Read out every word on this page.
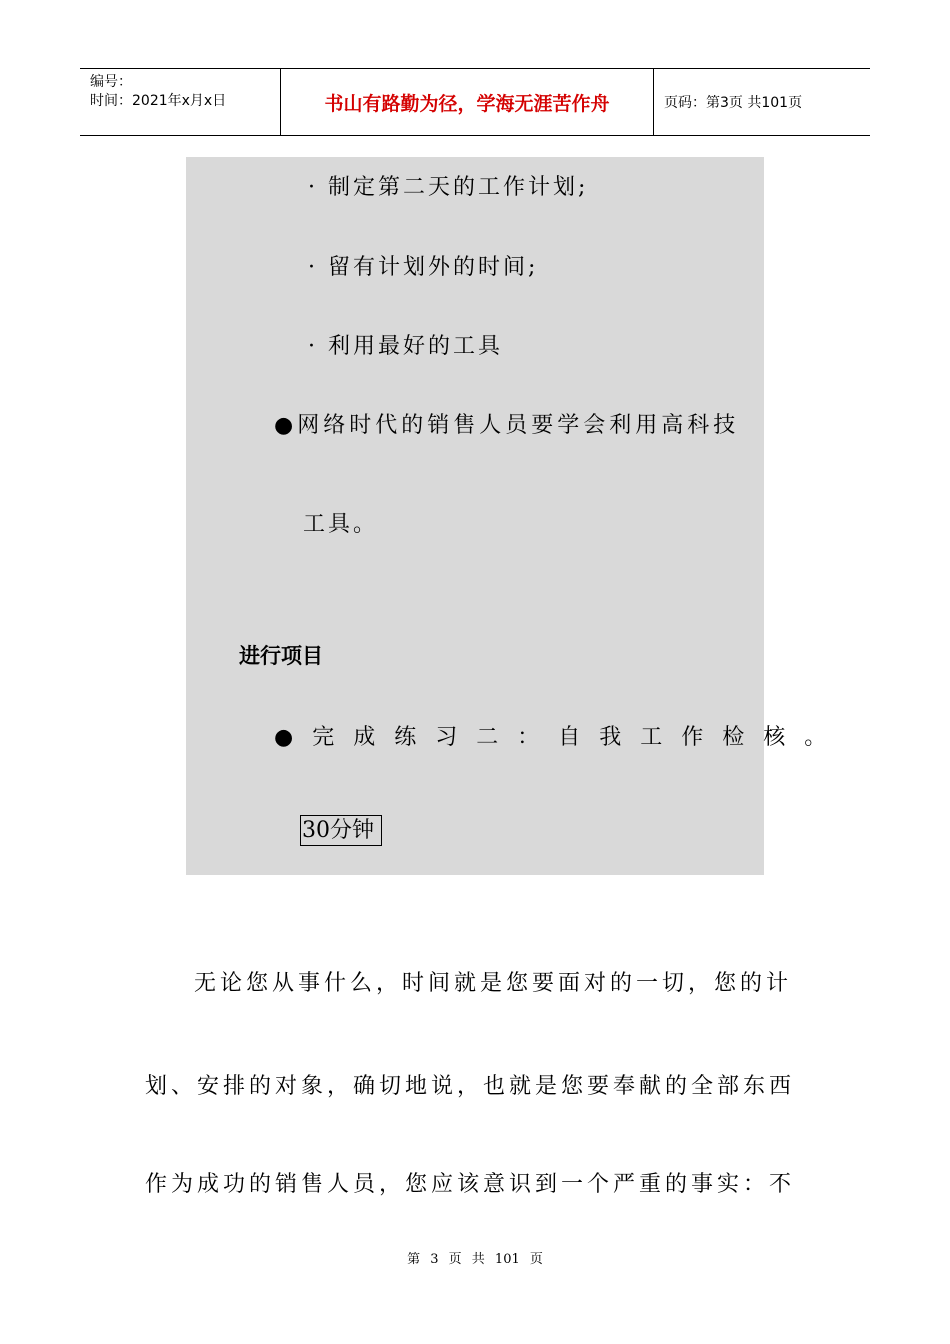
编号：
时间：2021年x月x日	书山有路勤为径，学海无涯苦作舟	页码：第3页 共101页
· 制定第二天的工作计划;
· 留有计划外的时间;
· 利用最好的工具
●网络时代的销售人员要学会利用高科技
工具。
进行项目
●完成练习二：自我工作检核。
30分钟
无论您从事什么，时间就是您要面对的一切，您的计
划、安排的对象，确切地说，也就是您要奉献的全部东西
作为成功的销售人员，您应该意识到一个严重的事实：不
第 3 页 共 101 页
